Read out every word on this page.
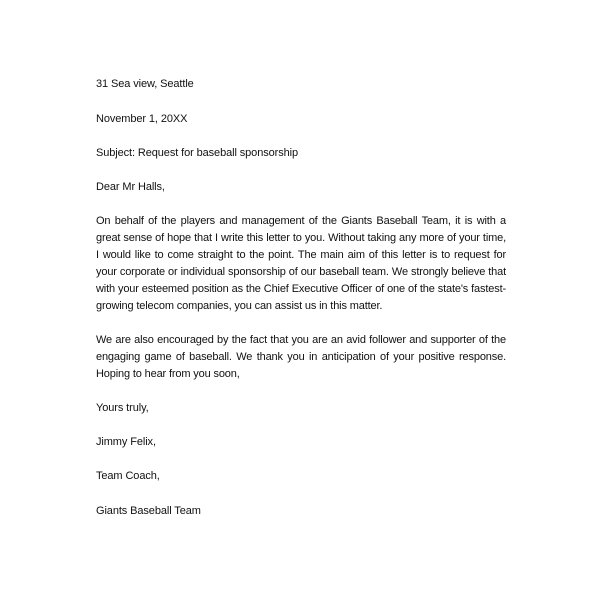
31 Sea view, Seattle
November 1, 20XX
Subject: Request for baseball sponsorship
Dear Mr Halls,
On behalf of the players and management of the Giants Baseball Team, it is with a great sense of hope that I write this letter to you. Without taking any more of your time, I would like to come straight to the point. The main aim of this letter is to request for your corporate or individual sponsorship of our baseball team. We strongly believe that with your esteemed position as the Chief Executive Officer of one of the state's fastest-growing telecom companies, you can assist us in this matter.
We are also encouraged by the fact that you are an avid follower and supporter of the engaging game of baseball. We thank you in anticipation of your positive response. Hoping to hear from you soon,
Yours truly,
Jimmy Felix,
Team Coach,
Giants Baseball Team
